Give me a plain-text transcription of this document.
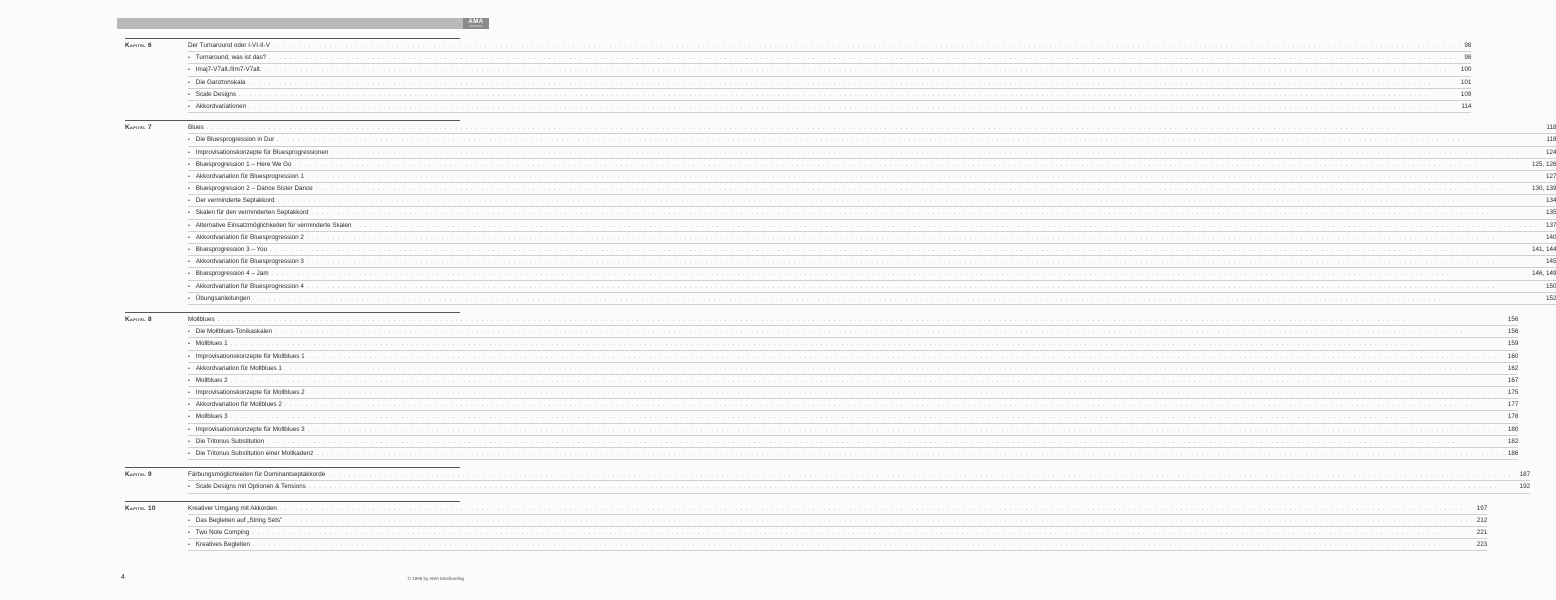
AMA
VERLAG
Kapitel 6	Der Turnaround oder I-VI-II-V . . .	98
• Turnaround, was ist das? . . .	98
• Imaj7-V7alt./IIm7-V7alt. . . .	100
• Die Ganztonskala . . .	101
• Scale Designs . . .	109
• Akkordvariationen . . .	114
Kapitel 7	Blues . . .	118
• Die Bluesprogression in Dur . . .	118
• Improvisationskonzepte für Bluesprogressionen . . .	124
• Bluesprogression 1 – Here We Go . . .	125, 126
• Akkordvariation für Bluesprogression 1 . . .	127
• Bluesprogression 2 – Dance Sister Dance . . .	130, 139
• Der verminderte Septakkord . . .	134
• Skalen für den verminderten Septakkord . . .	135
• Alternative Einsatzmöglichkeiten für verminderte Skalen . . .	137
• Akkordvariation für Bluesprogression 2 . . .	140
• Bluesprogression 3 – You . . .	141, 144
• Akkordvariation für Bluesprogression 3 . . .	145
• Bluesprogression 4 – Jam . . .	146, 149
• Akkordvariation für Bluesprogression 4 . . .	150
• Übungsanleitungen . . .	152
Kapitel 8	Mollblues . . .	156
• Die Mollblues-Tonikaskalen . . .	156
• Mollblues 1 . . .	159
• Improvisationskonzepte für Mollblues 1 . . .	160
• Akkordvariation für Mollblues 1 . . .	162
• Mollblues 2 . . .	167
• Improvisationskonzepte für Mollblues 2 . . .	175
• Akkordvariation für Mollblues 2 . . .	177
• Mollblues 3 . . .	178
• Improvisationskonzepte für Mollblues 3 . . .	180
• Die Tritonus Substitution . . .	182
• Die Tritonus Substitution einer Mollkadenz . . .	186
Kapitel 9	Färbungsmöglichkeiten für Dominantseptakkorde . . .	187
• Scale Designs mit Optionen & Tensions . . .	192
Kapitel 10	Kreativer Umgang mit Akkorden . . .	197
• Das Begleiten auf „String Sets" . . .	212
• Two Note Comping . . .	221
• Kreatives Begleiten . . .	223
4	© 1999 by AMA Musikverlag
